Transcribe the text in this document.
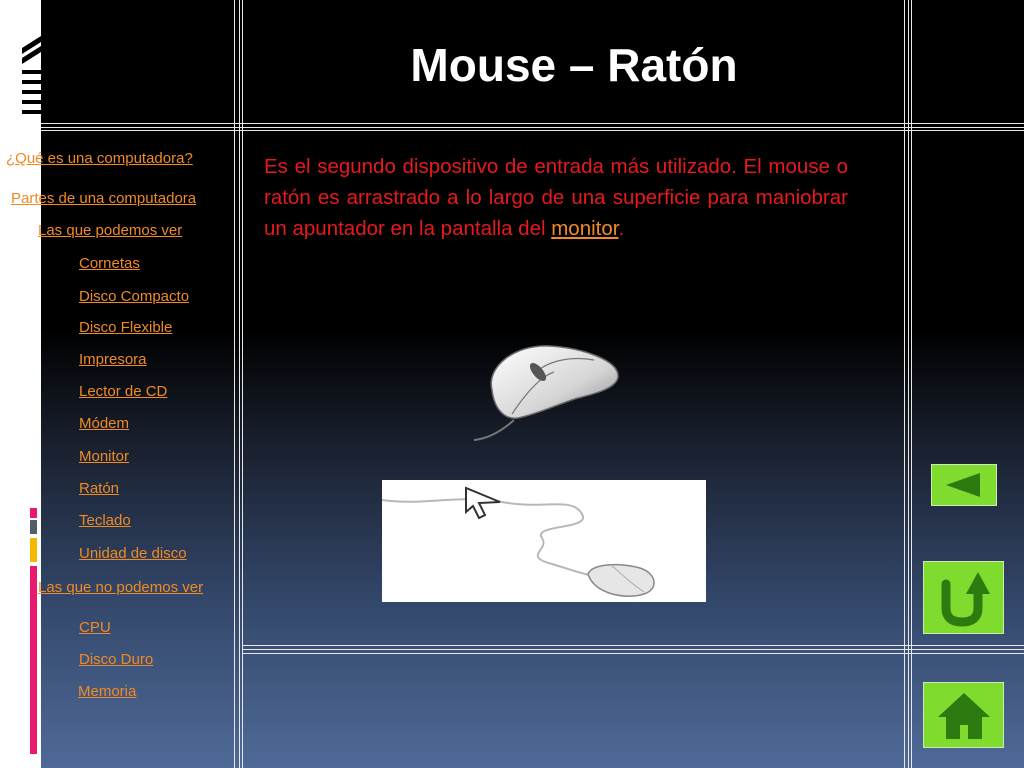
Mouse – Ratón
¿Qué es una computadora?
Partes de una computadora
Las que podemos ver
Cornetas
Disco Compacto
Disco Flexible
Impresora
Lector de CD
Módem
Monitor
Ratón
Teclado
Unidad de disco
Las que no podemos ver
CPU
Disco Duro
Memoria

Es el segundo dispositivo de entrada más utilizado. El mouse o ratón es arrastrado a lo largo de una superficie para maniobrar un apuntador en la pantalla del monitor.
